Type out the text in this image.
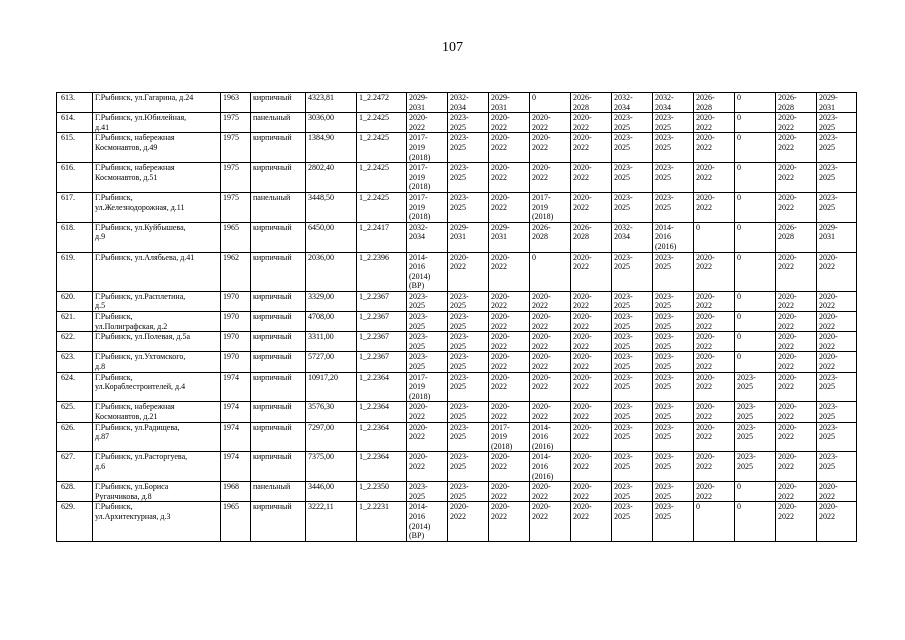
107
613.	Г.Рыбинск, ул.Гагарина, д.24	1963	кирпичный	4323,81	1_2.2472	2029-
2031	2032-
2034	2029-
2031	0	2026-
2028	2032-
2034	2032-
2034	2026-
2028	0	2026-
2028	2029-
2031
614.	Г.Рыбинск, ул.Юбилейная,
д.41	1975	панельный	3036,00	1_2.2425	2020-
2022	2023-
2025	2020-
2022	2020-
2022	2020-
2022	2023-
2025	2023-
2025	2020-
2022	0	2020-
2022	2023-
2025
615.	Г.Рыбинск, набережная
Космонавтов, д.49	1975	кирпичный	1384,90	1_2.2425	2017-
2019
(2018)	2023-
2025	2020-
2022	2020-
2022	2020-
2022	2023-
2025	2023-
2025	2020-
2022	0	2020-
2022	2023-
2025
616.	Г.Рыбинск, набережная
Космонавтов, д.51	1975	кирпичный	2802,40	1_2.2425	2017-
2019
(2018)	2023-
2025	2020-
2022	2020-
2022	2020-
2022	2023-
2025	2023-
2025	2020-
2022	0	2020-
2022	2023-
2025
617.	Г.Рыбинск,
ул.Железнодорожная, д.11	1975	панельный	3448,50	1_2.2425	2017-
2019
(2018)	2023-
2025	2020-
2022	2017-
2019
(2018)	2020-
2022	2023-
2025	2023-
2025	2020-
2022	0	2020-
2022	2023-
2025
618.	Г.Рыбинск, ул.Куйбышева,
д.9	1965	кирпичный	6450,00	1_2.2417	2032-
2034	2029-
2031	2029-
2031	2026-
2028	2026-
2028	2032-
2034	2014-
2016
(2016)	0	0	2026-
2028	2029-
2031
619.	Г.Рыбинск, ул.Алябьева, д.41	1962	кирпичный	2036,00	1_2.2396	2014-
2016
(2014)
(ВР)	2020-
2022	2020-
2022	0	2020-
2022	2023-
2025	2023-
2025	2020-
2022	0	2020-
2022	2020-
2022
620.	Г.Рыбинск, ул.Расплетина,
д.5	1970	кирпичный	3329,00	1_2.2367	2023-
2025	2023-
2025	2020-
2022	2020-
2022	2020-
2022	2023-
2025	2023-
2025	2020-
2022	0	2020-
2022	2020-
2022
621.	Г.Рыбинск,
ул.Полиграфская, д.2	1970	кирпичный	4708,00	1_2.2367	2023-
2025	2023-
2025	2020-
2022	2020-
2022	2020-
2022	2023-
2025	2023-
2025	2020-
2022	0	2020-
2022	2020-
2022
622.	Г.Рыбинск, ул.Полевая, д.5а	1970	кирпичный	3311,00	1_2.2367	2023-
2025	2023-
2025	2020-
2022	2020-
2022	2020-
2022	2023-
2025	2023-
2025	2020-
2022	0	2020-
2022	2020-
2022
623.	Г.Рыбинск, ул.Ухтомского,
д.8	1970	кирпичный	5727,00	1_2.2367	2023-
2025	2023-
2025	2020-
2022	2020-
2022	2020-
2022	2023-
2025	2023-
2025	2020-
2022	0	2020-
2022	2020-
2022
624.	Г.Рыбинск,
ул.Кораблестроителей, д.4	1974	кирпичный	10917,20	1_2.2364	2017-
2019
(2018)	2023-
2025	2020-
2022	2020-
2022	2020-
2022	2023-
2025	2023-
2025	2020-
2022	2023-
2025	2020-
2022	2023-
2025
625.	Г.Рыбинск, набережная
Космонавтов, д.21	1974	кирпичный	3576,30	1_2.2364	2020-
2022	2023-
2025	2020-
2022	2020-
2022	2020-
2022	2023-
2025	2023-
2025	2020-
2022	2023-
2025	2020-
2022	2023-
2025
626.	Г.Рыбинск, ул.Радищева,
д.87	1974	кирпичный	7297,00	1_2.2364	2020-
2022	2023-
2025	2017-
2019
(2018)	2014-
2016
(2016)	2020-
2022	2023-
2025	2023-
2025	2020-
2022	2023-
2025	2020-
2022	2023-
2025
627.	Г.Рыбинск, ул.Расторгуева,
д.6	1974	кирпичный	7375,00	1_2.2364	2020-
2022	2023-
2025	2020-
2022	2014-
2016
(2016)	2020-
2022	2023-
2025	2023-
2025	2020-
2022	2023-
2025	2020-
2022	2023-
2025
628.	Г.Рыбинск, ул.Бориса
Руганчикова, д.8	1968	панельный	3446,00	1_2.2350	2023-
2025	2023-
2025	2020-
2022	2020-
2022	2020-
2022	2023-
2025	2023-
2025	2020-
2022	0	2020-
2022	2020-
2022
629.	Г.Рыбинск,
ул.Архитектурная, д.3	1965	кирпичный	3222,11	1_2.2231	2014-
2016
(2014)
(ВР)	2020-
2022	2020-
2022	2020-
2022	2020-
2022	2023-
2025	2023-
2025	0	0	2020-
2022	2020-
2022
